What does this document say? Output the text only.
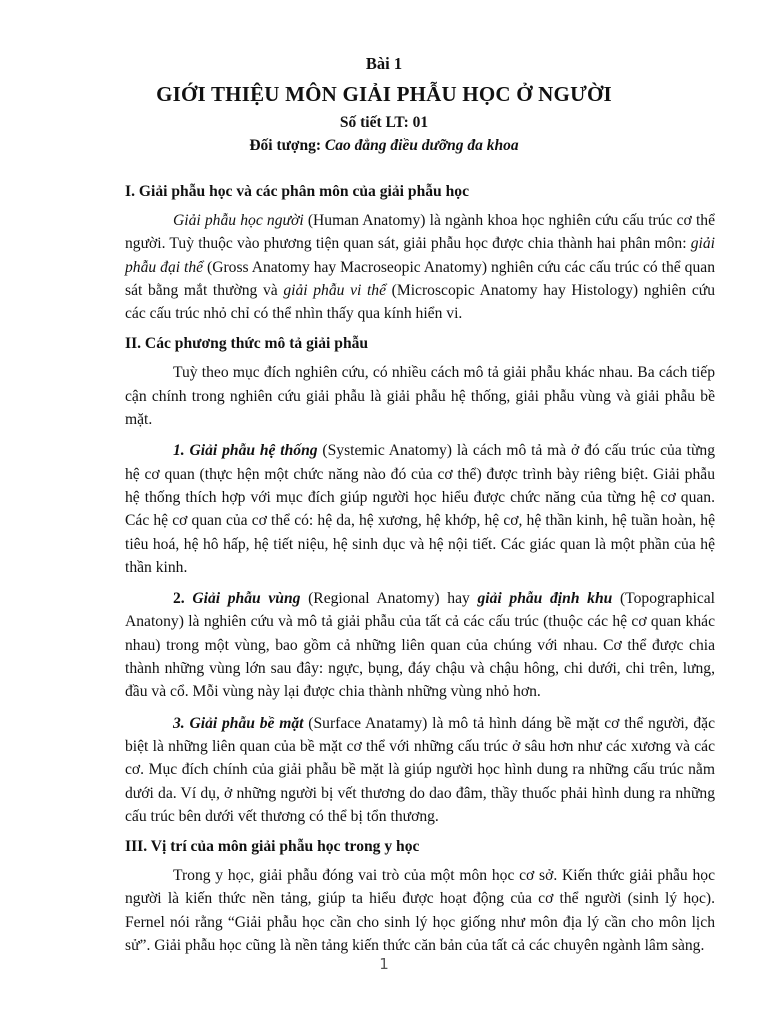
Bài 1
GIỚI THIỆU MÔN GIẢI PHẪU HỌC Ở NGƯỜI
Số tiết LT: 01
Đối tượng: Cao đẳng điều dưỡng đa khoa
I. Giải phẫu học và các phân môn của giải phẫu học

Giải phẫu học người (Human Anatomy) là ngành khoa học nghiên cứu cấu trúc cơ thể người. Tuỳ thuộc vào phương tiện quan sát, giải phẫu học được chia thành hai phân môn: giải phẫu đại thể (Gross Anatomy hay Macroseopic Anatomy) nghiên cứu các cấu trúc có thể quan sát bằng mắt thường và giải phẫu vi thể (Microscopic Anatomy hay Histology) nghiên cứu các cấu trúc nhỏ chỉ có thể nhìn thấy qua kính hiển vi.

II. Các phương thức mô tả giải phẫu

Tuỳ theo mục đích nghiên cứu, có nhiều cách mô tả giải phẫu khác nhau. Ba cách tiếp cận chính trong nghiên cứu giải phẫu là giải phẫu hệ thống, giải phẫu vùng và giải phẫu bề mặt.

1. Giải phẫu hệ thống (Systemic Anatomy) là cách mô tả mà ở đó cấu trúc của từng hệ cơ quan (thực hện một chức năng nào đó của cơ thể) được trình bày riêng biệt. Giải phẫu hệ thống thích hợp với mục đích giúp người học hiểu được chức năng của từng hệ cơ quan. Các hệ cơ quan của cơ thể có: hệ da, hệ xương, hệ khớp, hệ cơ, hệ thần kinh, hệ tuần hoàn, hệ tiêu hoá, hệ hô hấp, hệ tiết niệu, hệ sinh dục và hệ nội tiết. Các giác quan là một phần của hệ thần kinh.

2. Giải phẫu vùng (Regional Anatomy) hay giải phẫu định khu (Topographical Anatony) là nghiên cứu và mô tả giải phẫu của tất cả các cấu trúc (thuộc các hệ cơ quan khác nhau) trong một vùng, bao gồm cả những liên quan của chúng với nhau. Cơ thể được chia thành những vùng lớn sau đây: ngực, bụng, đáy chậu và chậu hông, chi dưới, chi trên, lưng, đầu và cổ. Mỗi vùng này lại được chia thành những vùng nhỏ hơn.

3. Giải phẫu bề mặt (Surface Anatamy) là mô tả hình dáng bề mặt cơ thể người, đặc biệt là những liên quan của bề mặt cơ thể với những cấu trúc ở sâu hơn như các xương và các cơ. Mục đích chính của giải phẫu bề mặt là giúp người học hình dung ra những cấu trúc nằm dưới da. Ví dụ, ở những người bị vết thương do dao đâm, thầy thuốc phải hình dung ra những cấu trúc bên dưới vết thương có thể bị tổn thương.

III. Vị trí của môn giải phẫu học trong y học

Trong y học, giải phẫu đóng vai trò của một môn học cơ sở. Kiến thức giải phẫu học người là kiến thức nền tảng, giúp ta hiểu được hoạt động của cơ thể người (sinh lý học). Fernel nói rằng “Giải phẫu học cần cho sinh lý học giống như môn địa lý cần cho môn lịch sử”. Giải phẫu học cũng là nền tảng kiến thức căn bản của tất cả các chuyên ngành lâm sàng.

1
